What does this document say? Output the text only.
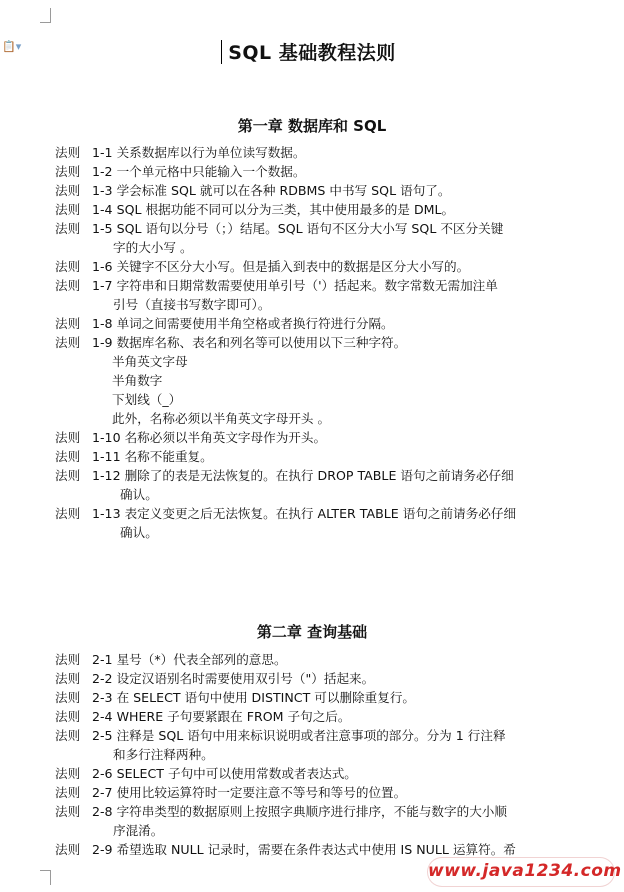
📋▾	SQL 基础教程法则
第一章 数据库和 SQL
法则 1-1 关系数据库以行为单位读写数据。
法则 1-2 一个单元格中只能输入一个数据。
法则 1-3 学会标准 SQL 就可以在各种 RDBMS 中书写 SQL 语句了。
法则 1-4 SQL 根据功能不同可以分为三类，其中使用最多的是 DML。
法则 1-5 SQL 语句以分号（；）结尾。SQL 语句不区分大小写 SQL 不区分关键
字的大小写 。
法则 1-6 关键字不区分大小写。但是插入到表中的数据是区分大小写的。
法则 1-7 字符串和日期常数需要使用单引号（'）括起来。数字常数无需加注单
引号（直接书写数字即可）。
法则 1-8 单词之间需要使用半角空格或者换行符进行分隔。
法则 1-9 数据库名称、表名和列名等可以使用以下三种字符。
半角英文字母
半角数字
下划线（_）
此外，名称必须以半角英文字母开头 。
法则 1-10 名称必须以半角英文字母作为开头。
法则 1-11 名称不能重复。
法则 1-12 删除了的表是无法恢复的。在执行 DROP TABLE 语句之前请务必仔细
确认。
法则 1-13 表定义变更之后无法恢复。在执行 ALTER TABLE 语句之前请务必仔细
确认。
第二章 查询基础
法则 2-1 星号（*）代表全部列的意思。
法则 2-2 设定汉语别名时需要使用双引号（"）括起来。
法则 2-3 在 SELECT 语句中使用 DISTINCT 可以删除重复行。
法则 2-4 WHERE 子句要紧跟在 FROM 子句之后。
法则 2-5 注释是 SQL 语句中用来标识说明或者注意事项的部分。分为 1 行注释
和多行注释两种。
法则 2-6 SELECT 子句中可以使用常数或者表达式。
法则 2-7 使用比较运算符时一定要注意不等号和等号的位置。
法则 2-8 字符串类型的数据原则上按照字典顺序进行排序，不能与数字的大小顺
序混淆。
法则 2-9 希望选取 NULL 记录时，需要在条件表达式中使用 IS NULL 运算符。希
www.java1234.com
